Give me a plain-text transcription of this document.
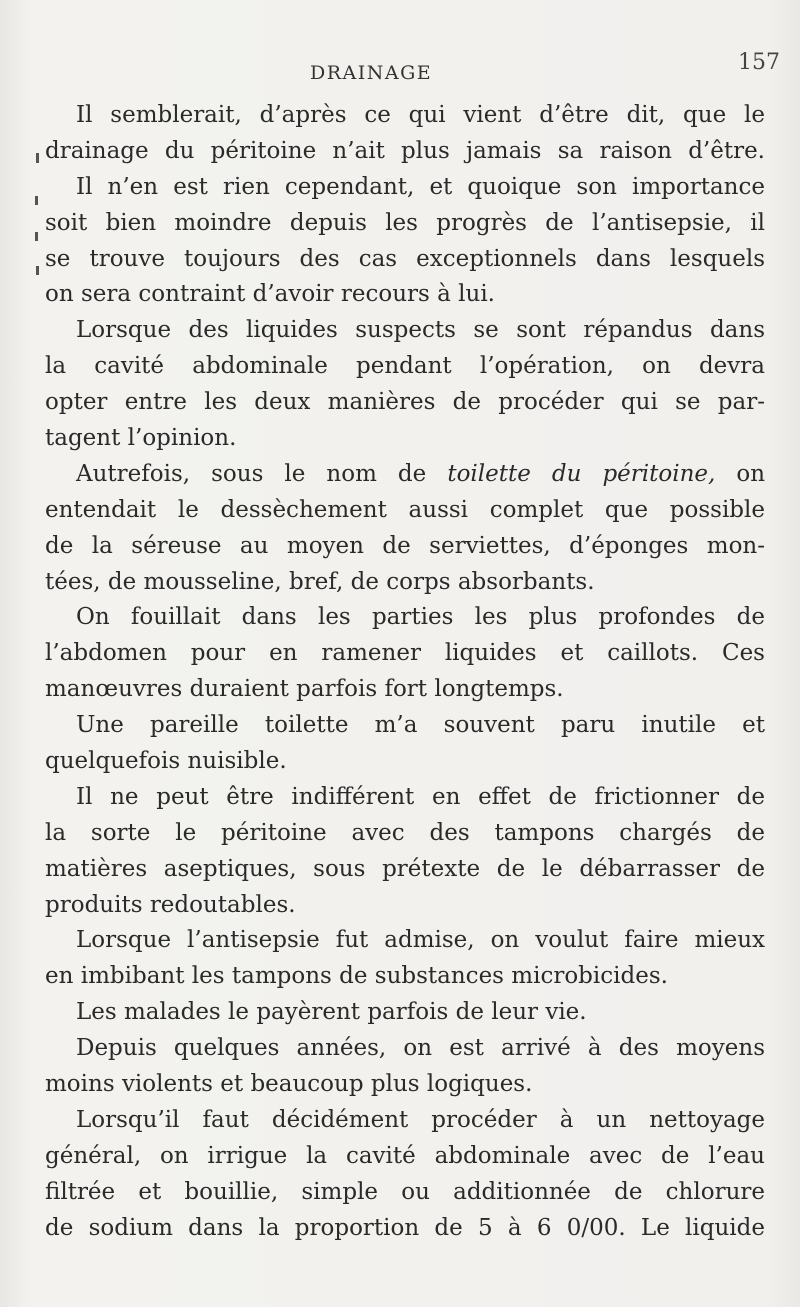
DRAINAGE	157
Il semblerait, d’après ce qui vient d’être dit, que le
drainage du péritoine n’ait plus jamais sa raison d’être.
Il n’en est rien cependant, et quoique son importance
soit bien moindre depuis les progrès de l’antisepsie, il
se trouve toujours des cas exceptionnels dans lesquels
on sera contraint d’avoir recours à lui.
Lorsque des liquides suspects se sont répandus dans
la cavité abdominale pendant l’opération, on devra
opter entre les deux manières de procéder qui se par-
tagent l’opinion.
Autrefois, sous le nom de toilette du péritoine, on
entendait le dessèchement aussi complet que possible
de la séreuse au moyen de serviettes, d’éponges mon-
tées, de mousseline, bref, de corps absorbants.
On fouillait dans les parties les plus profondes de
l’abdomen pour en ramener liquides et caillots. Ces
manœuvres duraient parfois fort longtemps.
Une pareille toilette m’a souvent paru inutile et
quelquefois nuisible.
Il ne peut être indifférent en effet de frictionner de
la sorte le péritoine avec des tampons chargés de
matières aseptiques, sous prétexte de le débarrasser de
produits redoutables.
Lorsque l’antisepsie fut admise, on voulut faire mieux
en imbibant les tampons de substances microbicides.
Les malades le payèrent parfois de leur vie.
Depuis quelques années, on est arrivé à des moyens
moins violents et beaucoup plus logiques.
Lorsqu’il faut décidément procéder à un nettoyage
général, on irrigue la cavité abdominale avec de l’eau
filtrée et bouillie, simple ou additionnée de chlorure
de sodium dans la proportion de 5 à 6 0/00. Le liquide
